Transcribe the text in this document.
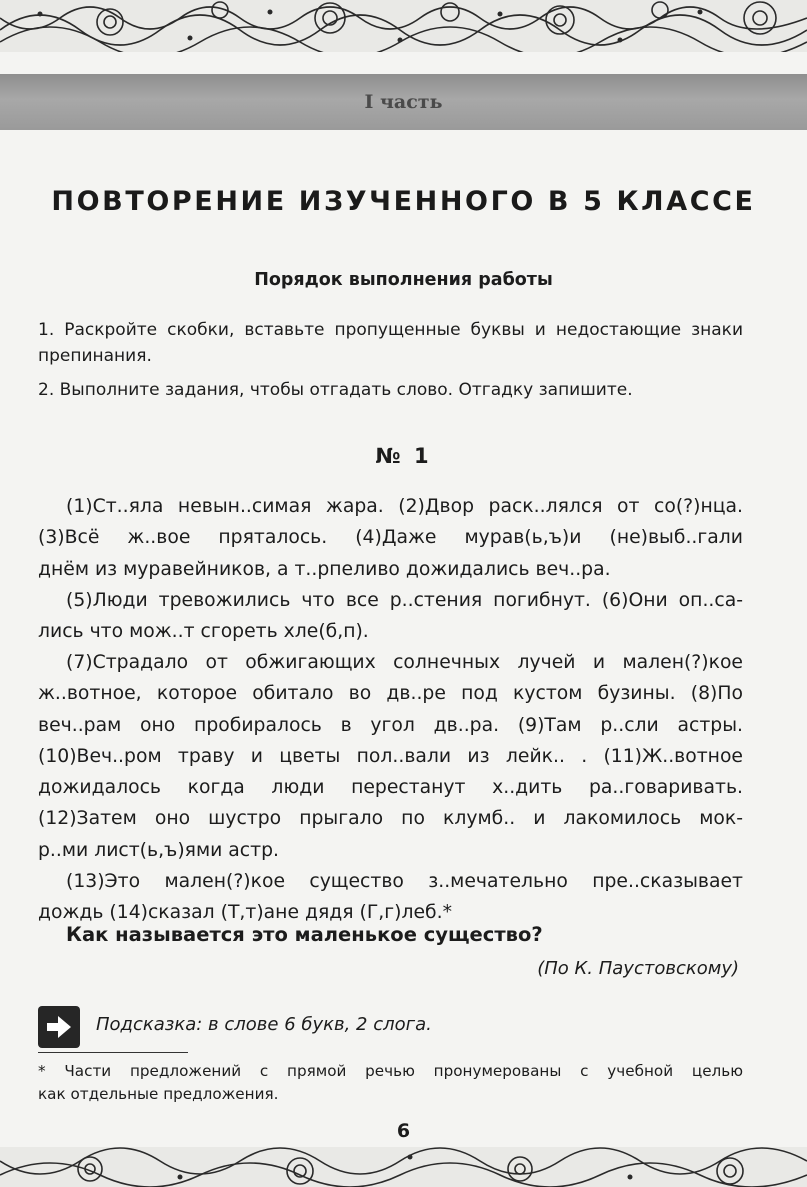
I часть
ПОВТОРЕНИЕ ИЗУЧЕННОГО В 5 КЛАССЕ
Порядок выполнения работы
1. Раскройте скобки, вставьте пропущенные буквы и недостающие знаки препинания.
2. Выполните задания, чтобы отгадать слово. Отгадку запишите.
№ 1
(1)Ст..яла невын..симая жара. (2)Двор раск..лялся от со(?)нца.
(3)Всё ж..вое пряталось. (4)Даже мурав(ь,ъ)и (не)выб..гали
днём из муравейников, а т..рпеливо дожидались веч..ра.
(5)Люди тревожились что все р..стения погибнут. (6)Они оп..са-
лись что мож..т сгореть хле(б,п).
(7)Страдало от обжигающих солнечных лучей и мален(?)кое
ж..вотное, которое обитало во дв..ре под кустом бузины. (8)По
веч..рам оно пробиралось в угол дв..ра. (9)Там р..сли астры.
(10)Веч..ром траву и цветы пол..вали из лейк.. . (11)Ж..вотное
дожидалось когда люди перестанут х..дить ра..говаривать.
(12)Затем оно шустро прыгало по клумб.. и лакомилось мок-
р..ми лист(ь,ъ)ями астр.
(13)Это мален(?)кое существо з..мечательно пре..сказывает
дождь (14)сказал (Т,т)ане дядя (Г,г)леб.*
Как называется это маленькое существо?
(По К. Паустовскому)
Подсказка: в слове 6 букв, 2 слога.
* Части предложений с прямой речью пронумерованы с учебной целью
как отдельные предложения.
6
